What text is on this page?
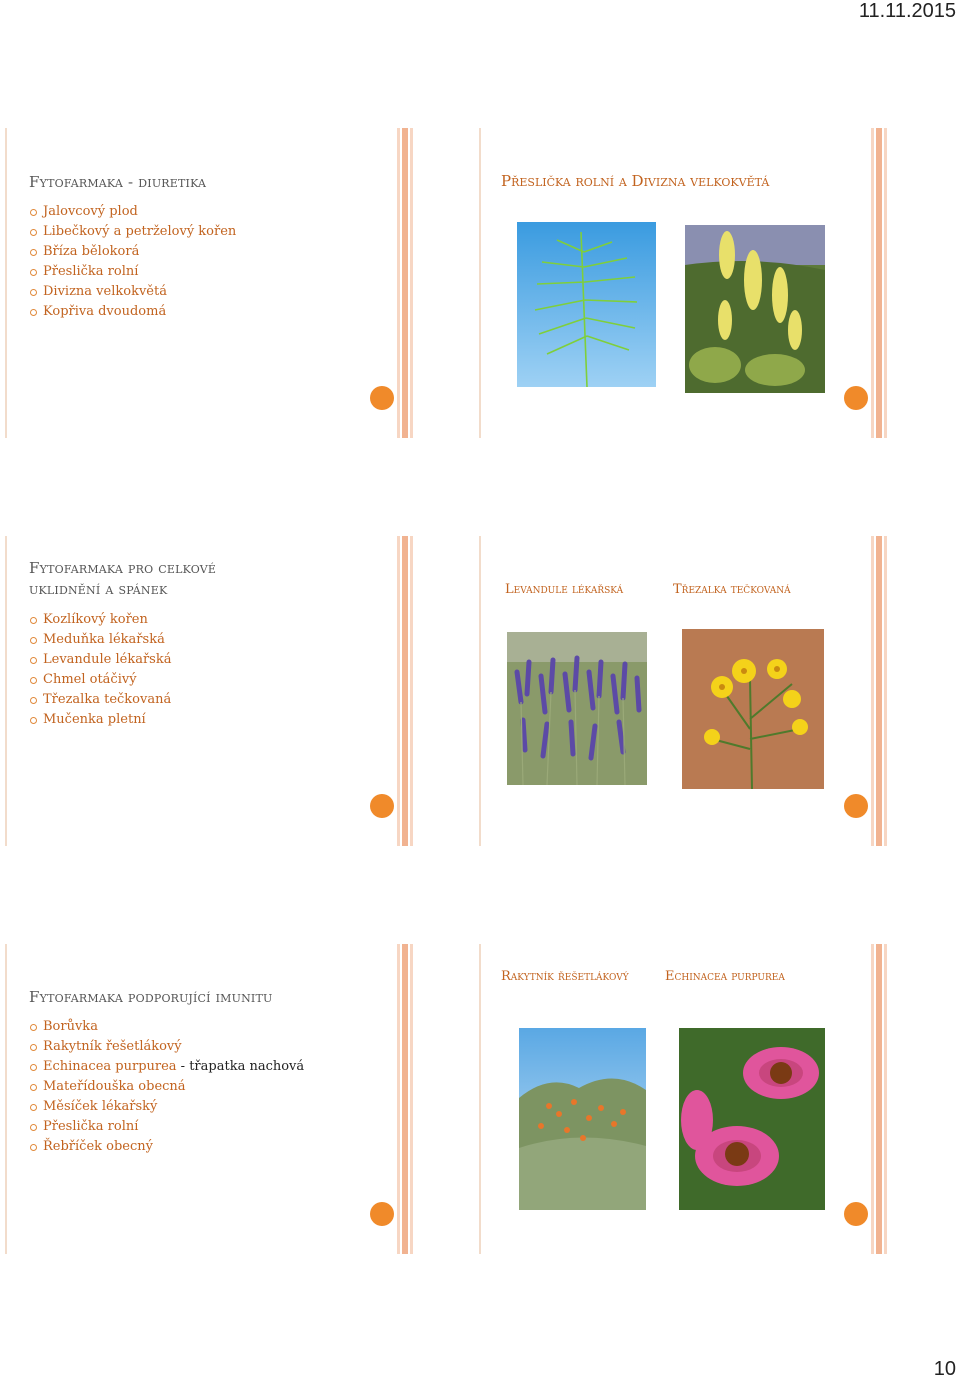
11.11.2015
Fytofarmaka - diuretika
Jalovcový plod
Libečkový a petrželový kořen
Bříza bělokorá
Přeslička rolní
Divizna velkokvětá
Kopřiva dvoudomá
Přeslička rolní a Divizna velkokvětá
Fytofarmaka pro celkové
uklidnění a spánek
Kozlíkový kořen
Meduňka lékařská
Levandule lékařská
Chmel otáčivý
Třezalka tečkovaná
Mučenka pletní
Levandule lékařská	Třezalka tečkovaná
Fytofarmaka podporující imunitu
Borůvka
Rakytník řešetlákový
Echinacea purpurea - třapatka nachová
Mateřídouška obecná
Měsíček lékařský
Přeslička rolní
Řebříček obecný
Rakytník řešetlákový	Echinacea purpurea
10
